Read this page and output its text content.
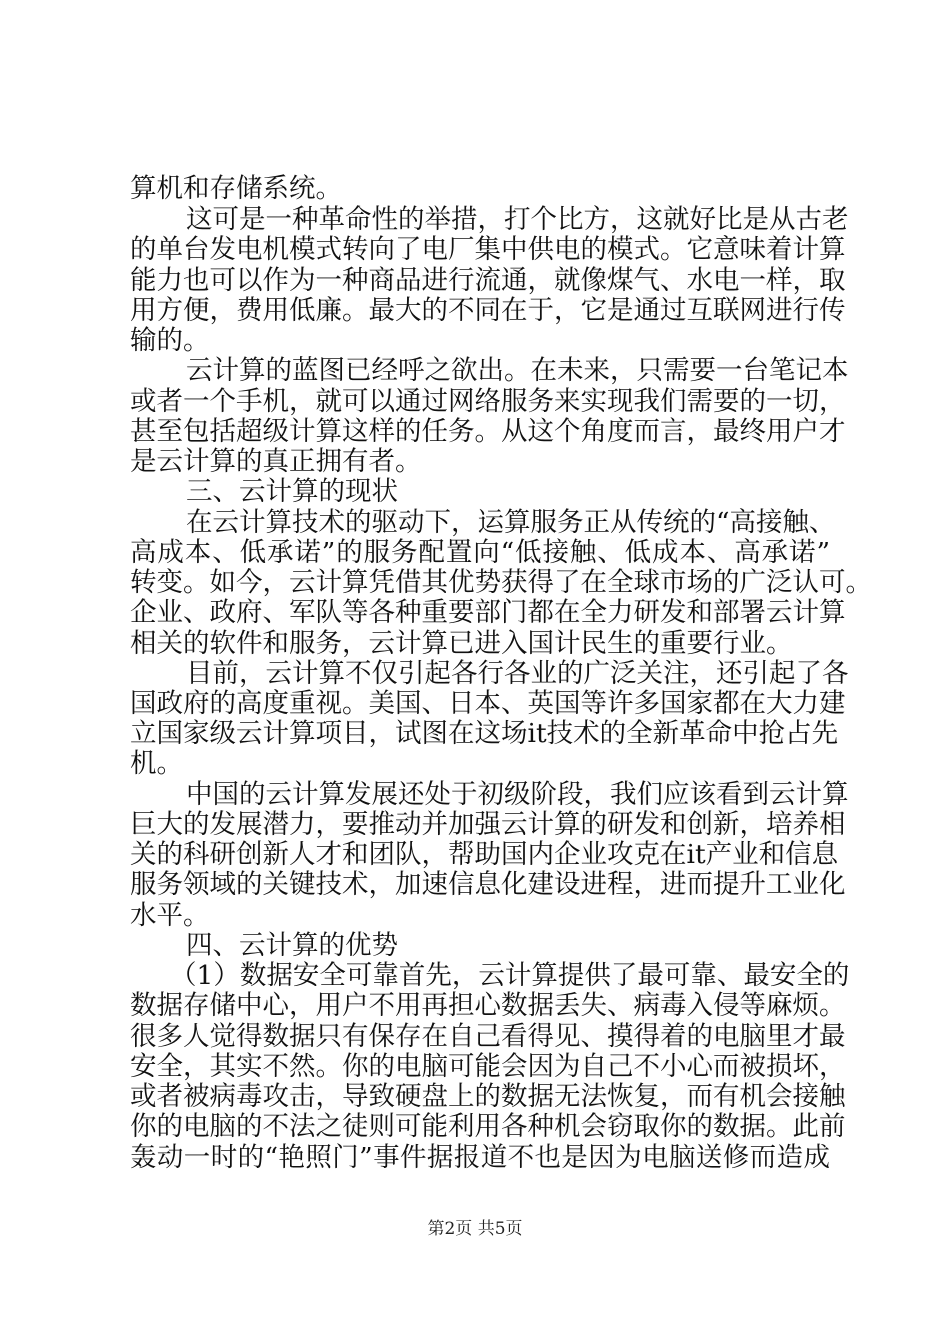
算机和存储系统。
这可是一种革命性的举措，打个比方，这就好比是从古老
的单台发电机模式转向了电厂集中供电的模式。它意味着计算
能力也可以作为一种商品进行流通，就像煤气、水电一样，取
用方便，费用低廉。最大的不同在于，它是通过互联网进行传
输的。
云计算的蓝图已经呼之欲出。在未来，只需要一台笔记本
或者一个手机，就可以通过网络服务来实现我们需要的一切，
甚至包括超级计算这样的任务。从这个角度而言，最终用户才
是云计算的真正拥有者。
三、云计算的现状
在云计算技术的驱动下，运算服务正从传统的“高接触、
高成本、低承诺”的服务配置向“低接触、低成本、高承诺”
转变。如今，云计算凭借其优势获得了在全球市场的广泛认可。
企业、政府、军队等各种重要部门都在全力研发和部署云计算
相关的软件和服务，云计算已进入国计民生的重要行业。
目前，云计算不仅引起各行各业的广泛关注，还引起了各
国政府的高度重视。美国、日本、英国等许多国家都在大力建
立国家级云计算项目，试图在这场it技术的全新革命中抢占先
机。
中国的云计算发展还处于初级阶段，我们应该看到云计算
巨大的发展潜力，要推动并加强云计算的研发和创新，培养相
关的科研创新人才和团队，帮助国内企业攻克在it产业和信息
服务领域的关键技术，加速信息化建设进程，进而提升工业化
水平。
四、云计算的优势
（1）数据安全可靠首先，云计算提供了最可靠、最安全的
数据存储中心，用户不用再担心数据丢失、病毒入侵等麻烦。
很多人觉得数据只有保存在自己看得见、摸得着的电脑里才最
安全，其实不然。你的电脑可能会因为自己不小心而被损坏，
或者被病毒攻击，导致硬盘上的数据无法恢复，而有机会接触
你的电脑的不法之徒则可能利用各种机会窃取你的数据。此前
轰动一时的“艳照门”事件据报道不也是因为电脑送修而造成
第2页 共5页
